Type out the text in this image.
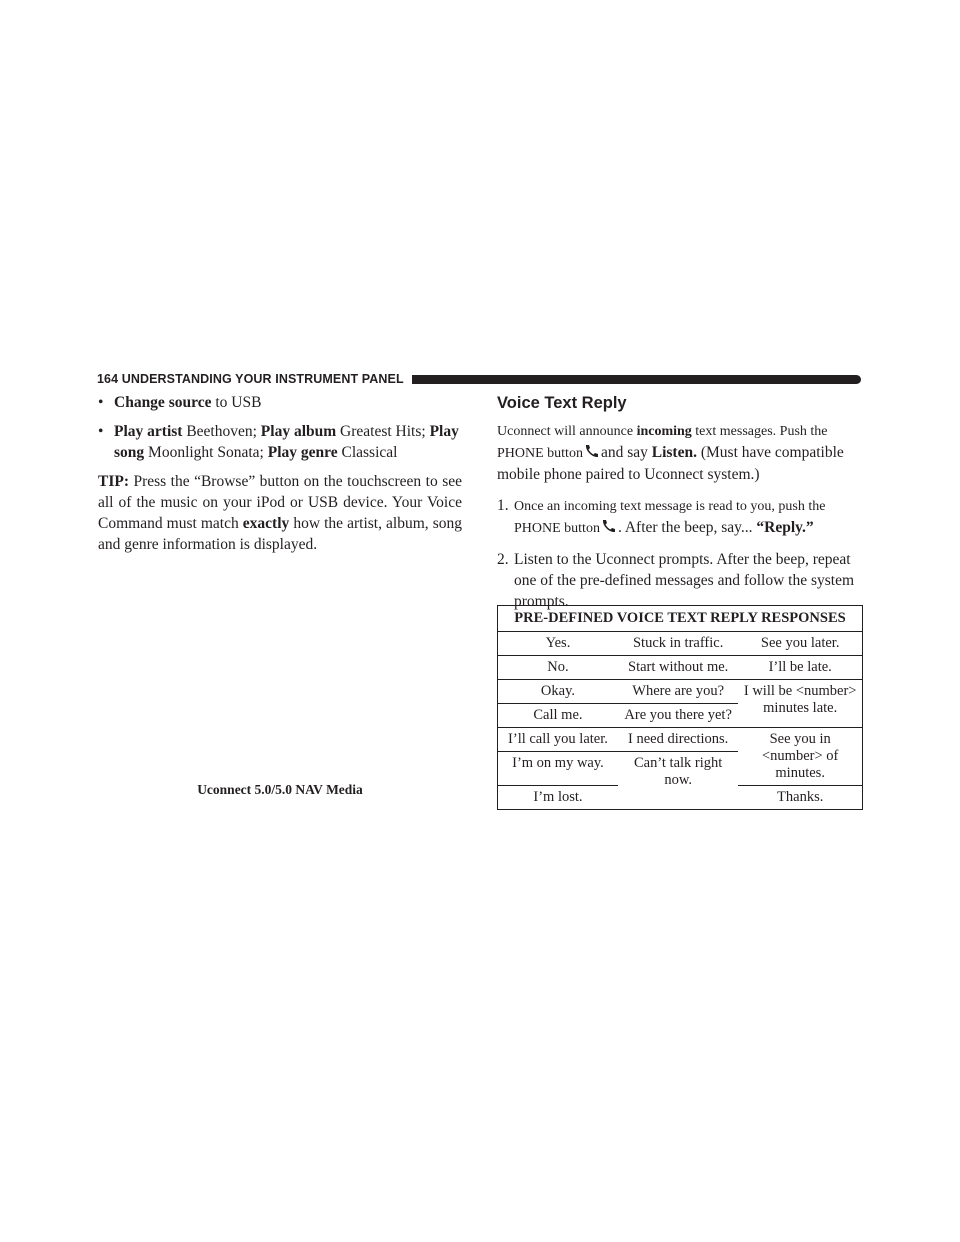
164 UNDERSTANDING YOUR INSTRUMENT PANEL
• Change source to USB
• Play artist Beethoven; Play album Greatest Hits; Play song Moonlight Sonata; Play genre Classical

TIP: Press the “Browse” button on the touchscreen to see all of the music on your iPod or USB device. Your Voice Command must match exactly how the artist, album, song and genre information is displayed.

Uconnect 5.0/5.0 NAV Media
Voice Text Reply

Uconnect will announce incoming text messages. Push the PHONE button and say Listen. (Must have compatible mobile phone paired to Uconnect system.)

1. Once an incoming text message is read to you, push the PHONE button . After the beep, say... “Reply.”
2. Listen to the Uconnect prompts. After the beep, repeat one of the pre-defined messages and follow the system prompts.
PRE-DEFINED VOICE TEXT REPLY RESPONSES		
Yes.	Stuck in traffic.	See you later.
No.	Start without me.	I’ll be late.
Okay.	Where are you?	I will be <number> minutes late.
Call me.	Are you there yet?	
I’ll call you later.	I need directions.	See you in <number> of minutes.
I’m on my way.	Can’t talk right now.	
I’m lost.		Thanks.
